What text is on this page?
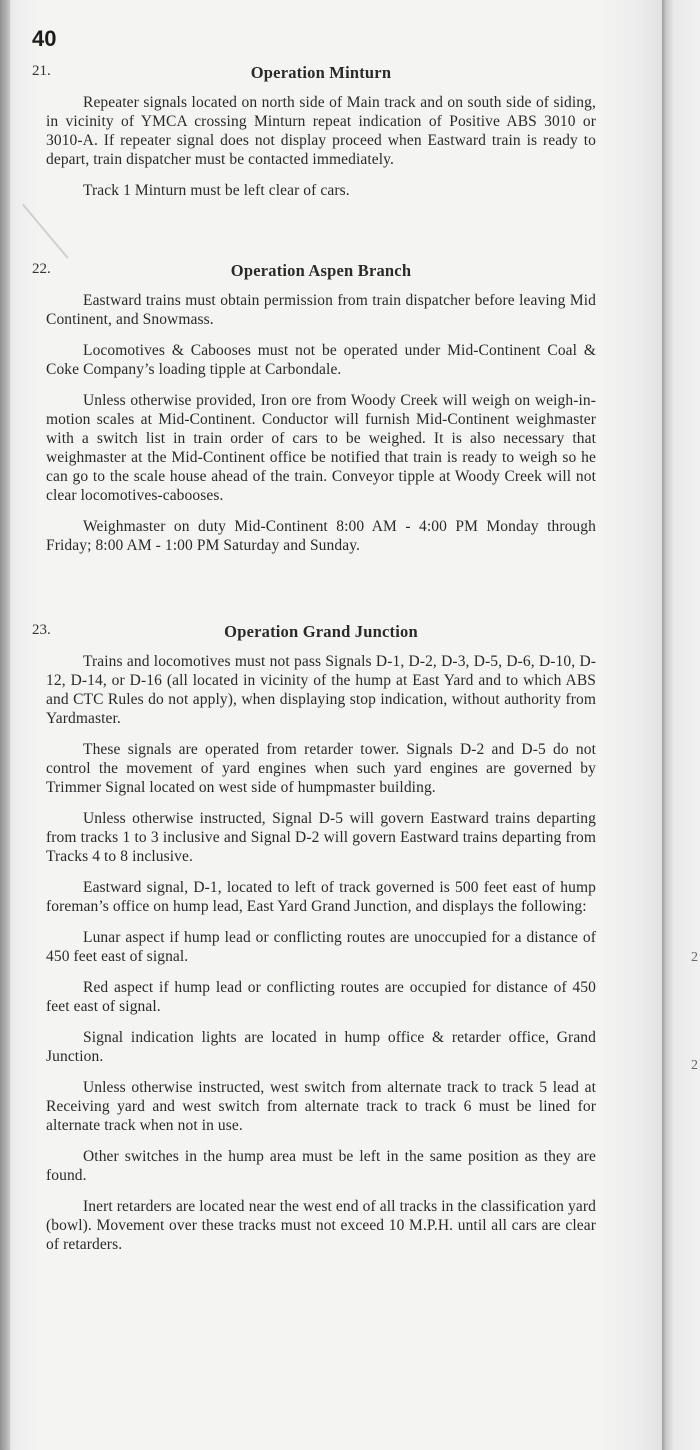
2
2
40
21.	Operation Minturn

Repeater signals located on north side of Main track and on south side of siding, in vicinity of YMCA crossing Minturn repeat indication of Positive ABS 3010 or 3010-A. If repeater signal does not display proceed when Eastward train is ready to depart, train dispatcher must be contacted immediately.

Track 1 Minturn must be left clear of cars.

22.	Operation Aspen Branch

Eastward trains must obtain permission from train dispatcher before leaving Mid Continent, and Snowmass.

Locomotives & Cabooses must not be operated under Mid-Continent Coal & Coke Company’s loading tipple at Carbondale.

Unless otherwise provided, Iron ore from Woody Creek will weigh on weigh-in-motion scales at Mid-Continent. Conductor will furnish Mid-Continent weighmaster with a switch list in train order of cars to be weighed. It is also necessary that weighmaster at the Mid-Continent office be notified that train is ready to weigh so he can go to the scale house ahead of the train. Conveyor tipple at Woody Creek will not clear locomotives-cabooses.

Weighmaster on duty Mid-Continent 8:00 AM - 4:00 PM Monday through Friday; 8:00 AM - 1:00 PM Saturday and Sunday.

23.	Operation Grand Junction

Trains and locomotives must not pass Signals D-1, D-2, D-3, D-5, D-6, D-10, D-12, D-14, or D-16 (all located in vicinity of the hump at East Yard and to which ABS and CTC Rules do not apply), when displaying stop indication, without authority from Yardmaster.

These signals are operated from retarder tower. Signals D-2 and D-5 do not control the movement of yard engines when such yard engines are governed by Trimmer Signal located on west side of humpmaster building.

Unless otherwise instructed, Signal D-5 will govern Eastward trains departing from tracks 1 to 3 inclusive and Signal D-2 will govern Eastward trains departing from Tracks 4 to 8 inclusive.

Eastward signal, D-1, located to left of track governed is 500 feet east of hump foreman’s office on hump lead, East Yard Grand Junction, and displays the following:

Lunar aspect if hump lead or conflicting routes are unoccupied for a distance of 450 feet east of signal.

Red aspect if hump lead or conflicting routes are occupied for distance of 450 feet east of signal.

Signal indication lights are located in hump office & retarder office, Grand Junction.

Unless otherwise instructed, west switch from alternate track to track 5 lead at Receiving yard and west switch from alternate track to track 6 must be lined for alternate track when not in use.

Other switches in the hump area must be left in the same position as they are found.

Inert retarders are located near the west end of all tracks in the classification yard (bowl). Movement over these tracks must not exceed 10 M.P.H. until all cars are clear of retarders.
